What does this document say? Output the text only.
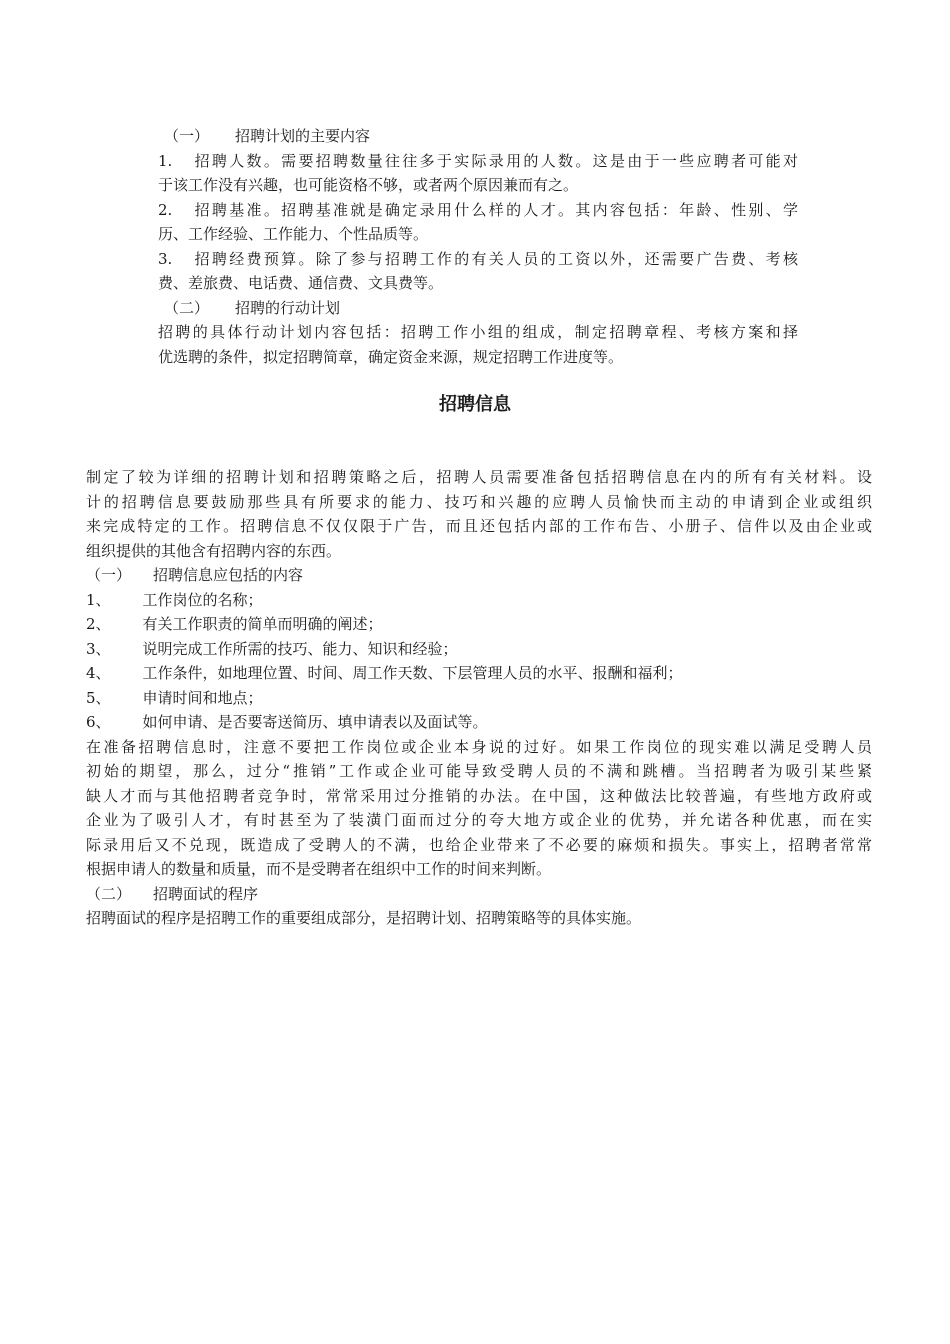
（一） 招聘计划的主要内容
1. 招聘人数。需要招聘数量往往多于实际录用的人数。这是由于一些应聘者可能对
于该工作没有兴趣，也可能资格不够，或者两个原因兼而有之。
2. 招聘基准。招聘基准就是确定录用什么样的人才。其内容包括：年龄、性别、学
历、工作经验、工作能力、个性品质等。
3. 招聘经费预算。除了参与招聘工作的有关人员的工资以外，还需要广告费、考核
费、差旅费、电话费、通信费、文具费等。
（二） 招聘的行动计划
招聘的具体行动计划内容包括：招聘工作小组的组成，制定招聘章程、考核方案和择
优选聘的条件，拟定招聘简章，确定资金来源，规定招聘工作进度等。
招聘信息
制定了较为详细的招聘计划和招聘策略之后，招聘人员需要准备包括招聘信息在内的所有有关材料。设
计的招聘信息要鼓励那些具有所要求的能力、技巧和兴趣的应聘人员愉快而主动的申请到企业或组织
来完成特定的工作。招聘信息不仅仅限于广告，而且还包括内部的工作布告、小册子、信件以及由企业或
组织提供的其他含有招聘内容的东西。
（一） 招聘信息应包括的内容
1、 工作岗位的名称；
2、 有关工作职责的简单而明确的阐述；
3、 说明完成工作所需的技巧、能力、知识和经验；
4、 工作条件，如地理位置、时间、周工作天数、下层管理人员的水平、报酬和福利；
5、 申请时间和地点；
6、 如何申请、是否要寄送简历、填申请表以及面试等。
在准备招聘信息时，注意不要把工作岗位或企业本身说的过好。如果工作岗位的现实难以满足受聘人员
初始的期望，那么，过分“推销”工作或企业可能导致受聘人员的不满和跳槽。当招聘者为吸引某些紧
缺人才而与其他招聘者竞争时，常常采用过分推销的办法。在中国，这种做法比较普遍，有些地方政府或
企业为了吸引人才，有时甚至为了装潢门面而过分的夸大地方或企业的优势，并允诺各种优惠，而在实
际录用后又不兑现，既造成了受聘人的不满，也给企业带来了不必要的麻烦和损失。事实上，招聘者常常
根据申请人的数量和质量，而不是受聘者在组织中工作的时间来判断。
（二） 招聘面试的程序
招聘面试的程序是招聘工作的重要组成部分，是招聘计划、招聘策略等的具体实施。
